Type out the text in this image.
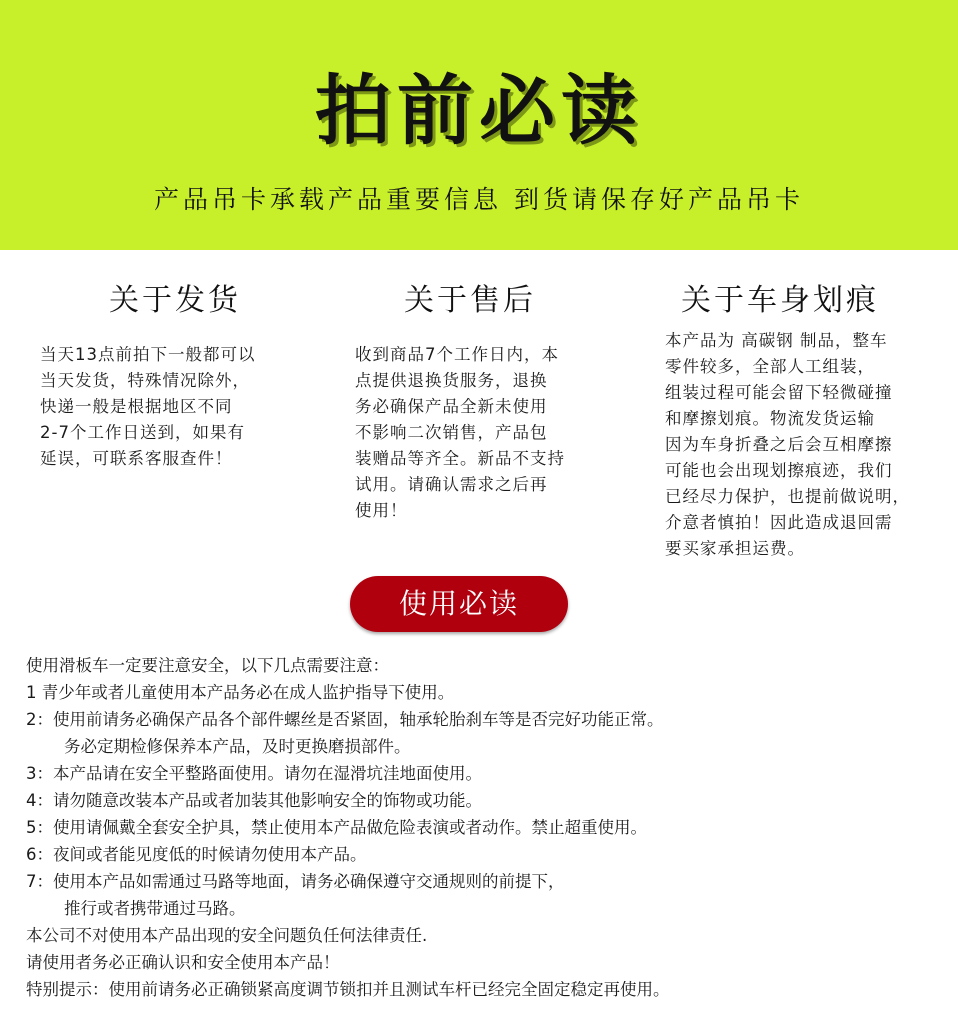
拍前必读
产品吊卡承载产品重要信息 到货请保存好产品吊卡
关于发货
当天13点前拍下一般都可以
当天发货，特殊情况除外，
快递一般是根据地区不同
2-7个工作日送到，如果有
延误，可联系客服查件！
关于售后
收到商品7个工作日内，本
点提供退换货服务，退换
务必确保产品全新未使用
不影响二次销售，产品包
装赠品等齐全。新品不支持
试用。请确认需求之后再
使用！
关于车身划痕
本产品为 高碳钢 制品，整车
零件较多，全部人工组装，
组装过程可能会留下轻微碰撞
和摩擦划痕。物流发货运输
因为车身折叠之后会互相摩擦
可能也会出现划擦痕迹，我们
已经尽力保护，也提前做说明，
介意者慎拍！因此造成退回需
要买家承担运费。
使用必读
使用滑板车一定要注意安全，以下几点需要注意：
1 青少年或者儿童使用本产品务必在成人监护指导下使用。
2：使用前请务必确保产品各个部件螺丝是否紧固，轴承轮胎刹车等是否完好功能正常。
务必定期检修保养本产品，及时更换磨损部件。
3：本产品请在安全平整路面使用。请勿在湿滑坑洼地面使用。
4：请勿随意改装本产品或者加装其他影响安全的饰物或功能。
5：使用请佩戴全套安全护具，禁止使用本产品做危险表演或者动作。禁止超重使用。
6：夜间或者能见度低的时候请勿使用本产品。
7：使用本产品如需通过马路等地面，请务必确保遵守交通规则的前提下，
推行或者携带通过马路。
本公司不对使用本产品出现的安全问题负任何法律责任.
请使用者务必正确认识和安全使用本产品！
特别提示：使用前请务必正确锁紧高度调节锁扣并且测试车杆已经完全固定稳定再使用。
